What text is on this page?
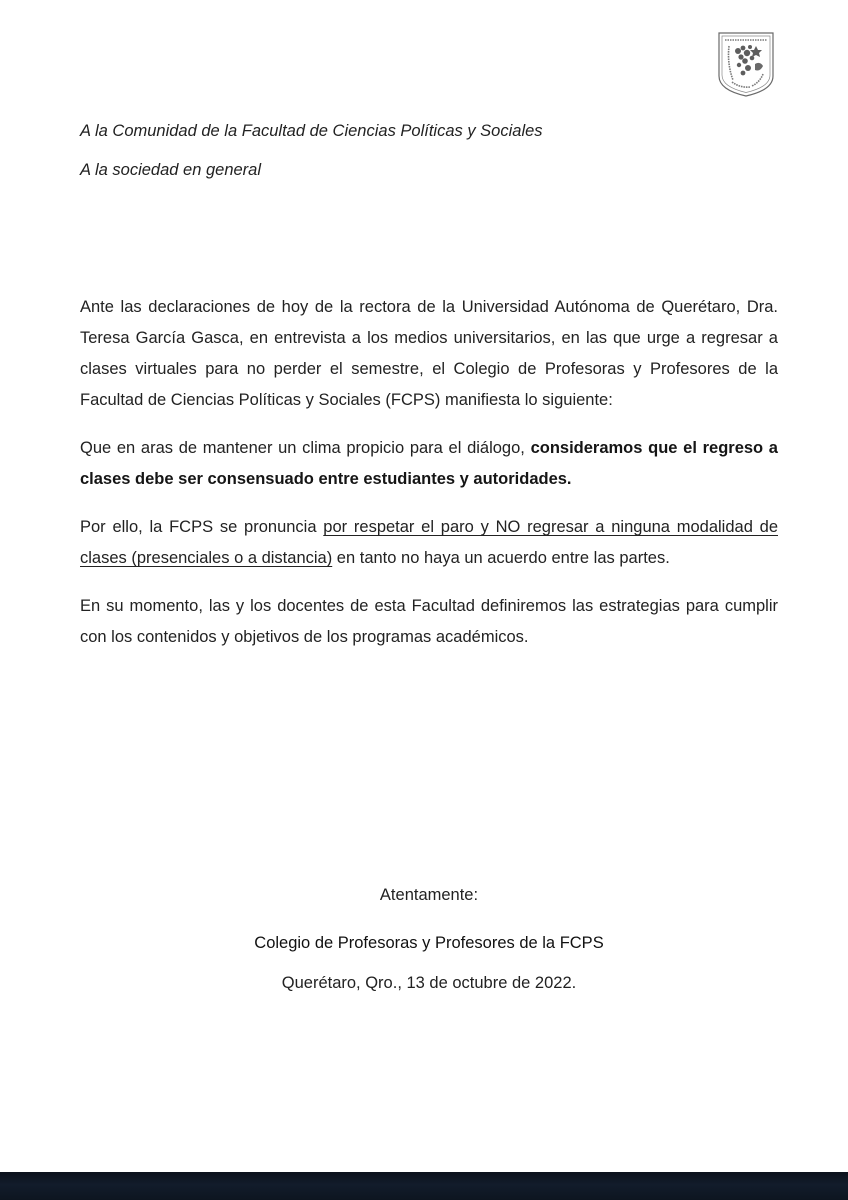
A la Comunidad de la Facultad de Ciencias Políticas y Sociales

A la sociedad en general

Ante las declaraciones de hoy de la rectora de la Universidad Autónoma de Querétaro, Dra. Teresa García Gasca, en entrevista a los medios universitarios, en las que urge a regresar a clases virtuales para no perder el semestre, el Colegio de Profesoras y Profesores de la Facultad de Ciencias Políticas y Sociales (FCPS) manifiesta lo siguiente:

Que en aras de mantener un clima propicio para el diálogo, consideramos que el regreso a clases debe ser consensuado entre estudiantes y autoridades.

Por ello, la FCPS se pronuncia por respetar el paro y NO regresar a ninguna modalidad de clases (presenciales o a distancia) en tanto no haya un acuerdo entre las partes.

En su momento, las y los docentes de esta Facultad definiremos las estrategias para cumplir con los contenidos y objetivos de los programas académicos.

Atentamente:

Colegio de Profesoras y Profesores de la FCPS

Querétaro, Qro., 13 de octubre de 2022.
